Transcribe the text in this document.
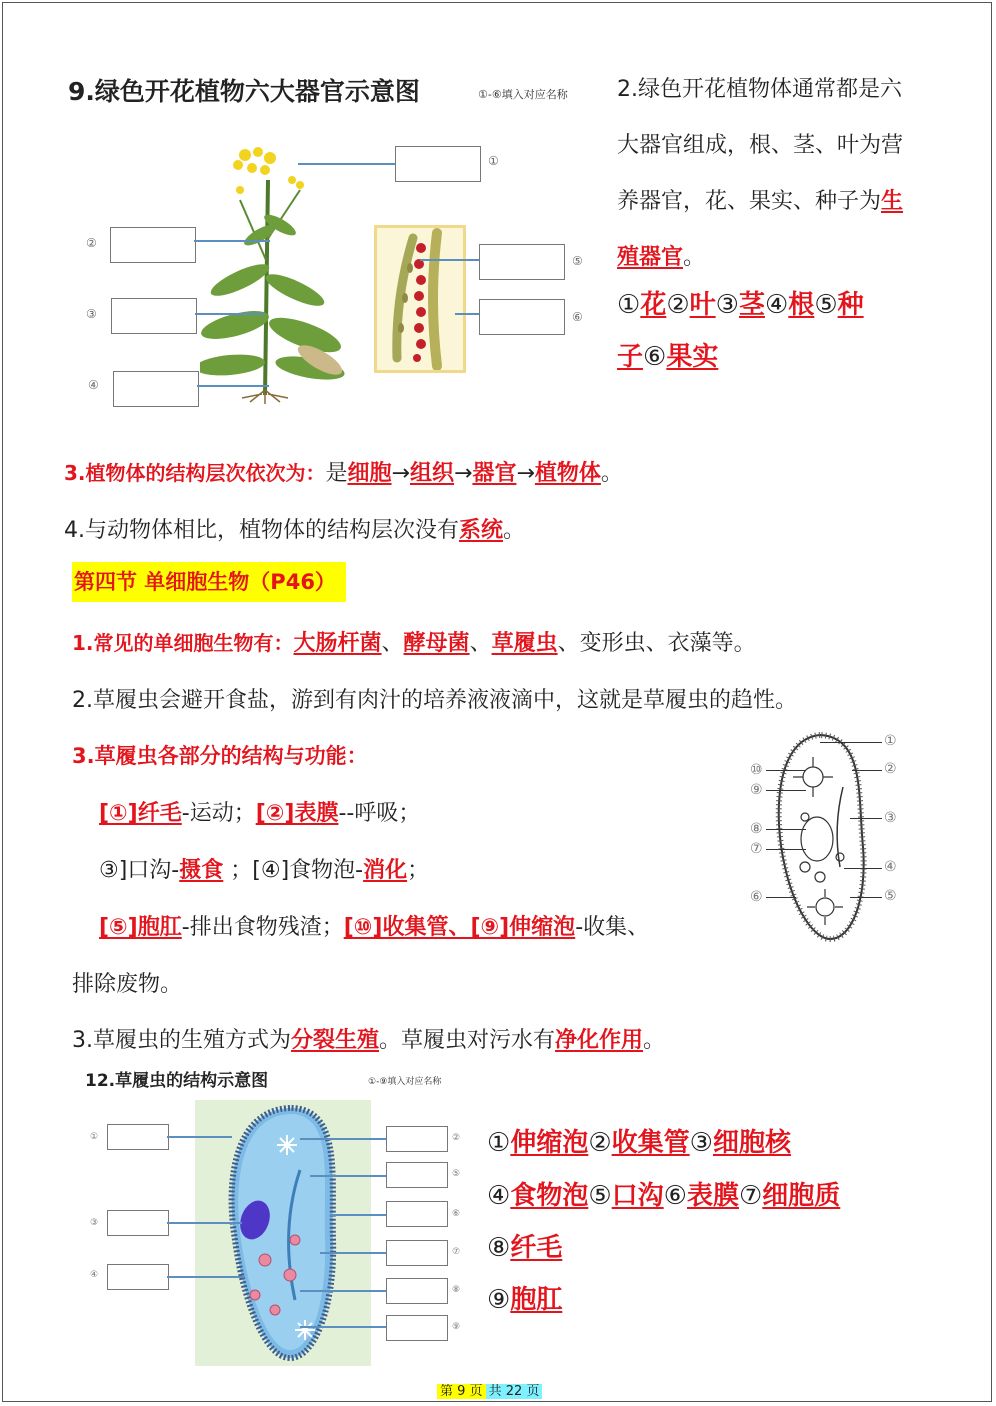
9.绿色开花植物六大器官示意图	①-⑥填入对应名称
①
②
③
④
⑤
⑥
2.绿色开花植物体通常都是六
大器官组成，根、茎、叶为营
养器官，花、果实、种子为生
殖器官。
①花②叶③茎④根⑤种
子⑥果实
3.植物体的结构层次依次为：是细胞→组织→器官→植物体。
4.与动物体相比，植物体的结构层次没有系统。
第四节 单细胞生物（P46）
1.常见的单细胞生物有：大肠杆菌、酵母菌、草履虫、变形虫、衣藻等。
2.草履虫会避开食盐，游到有肉汁的培养液液滴中，这就是草履虫的趋性。
3.草履虫各部分的结构与功能：
[①]纤毛-运动；[②]表膜--呼吸；
③]口沟-摄食 ；[④]食物泡-消化；
[⑤]胞肛-排出食物残渣；[⑩]收集管、[⑨]伸缩泡-收集、
排除废物。
①
②
③
④
⑤
⑥
⑦
⑧
⑨
⑩
3.草履虫的生殖方式为分裂生殖。草履虫对污水有净化作用。
12.草履虫的结构示意图	①-⑨填入对应名称
①
③
④
②
⑤
⑥
⑦
⑧
⑨
①伸缩泡②收集管③细胞核
④食物泡⑤口沟⑥表膜⑦细胞质
⑧纤毛
⑨胞肛
第 9 页 共 22 页
